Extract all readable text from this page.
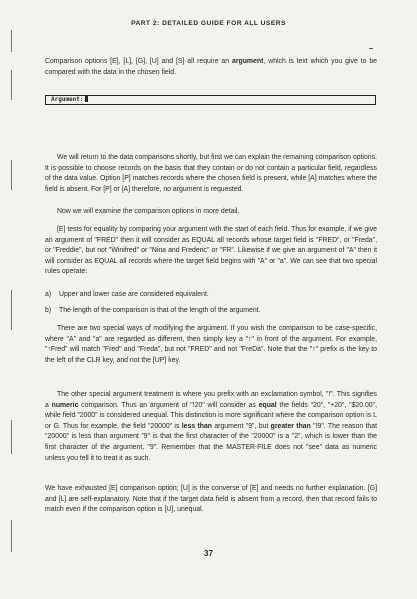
PART 2: DETAILED GUIDE FOR ALL USERS

Comparison options [E], [L], [G], [U] and [S] all require an argument, which is text which you give to be compared with the data in the chosen field.

Argument:

We will return to the data comparisons shortly, but first we can explain the remaining comparison options. It is possible to choose records on the basis that they contain or do not contain a particular field, regardless of the data value. Option [P] matches records where the chosen field is present, while [A] matches where the field is absent. For [P] or [A] therefore, no argument is requested.

Now we will examine the comparison options in more detail.

[E] tests for equality by comparing your argument with the start of each field. Thus for example, if we give an argument of "FRED" then it will consider as EQUAL all records whose target field is "FRED", or "Freda", or "Freddie", but not "Winifred" or "Nina and Frederic" or "FR". Likewise if we give an argument of "A" then it will consider as EQUAL all records where the target field begins with "A" or "a". We can see that two special rules operate:

a) Upper and lower case are considered equivalent.

b) The length of the comparison is that of the length of the argument.

There are two special ways of modifying the argument. If you wish the comparison to be case-specific, where "A" and "a" are regarded as different, then simply key a "↑" in front of the argument. For example, "↑Fred" will match "Fred" and "Freda", but not "FRED" and not "FreDa". Note that the "↑" prefix is the key to the left of the CLR key, and not the [UP] key.

The other special argument treatment is where you prefix with an exclamation symbol, "!". This signifies a numeric comparison. Thus an argument of "!20" will consider as equal the fields "20", "+20", "$20.00", while field "2000" is considered unequal. This distinction is more significant where the comparison option is L or G. Thus for example, the field "20000" is less than argument "9", but greater than "!9". The reason that "20000" is less than argument "9" is that the first character of the "20000" is a "2", which is lower than the first character of the argument, "9". Remember that the MASTER-FILE does not "see" data as numeric unless you tell it to treat it as such.

We have exhausted [E] comparison option; [U] is the converse of [E] and needs no further explanation. [G] and [L] are self-explanatory. Note that if the target data field is absent from a record, then that record fails to match even if the comparison option is [U], unequal.

37
